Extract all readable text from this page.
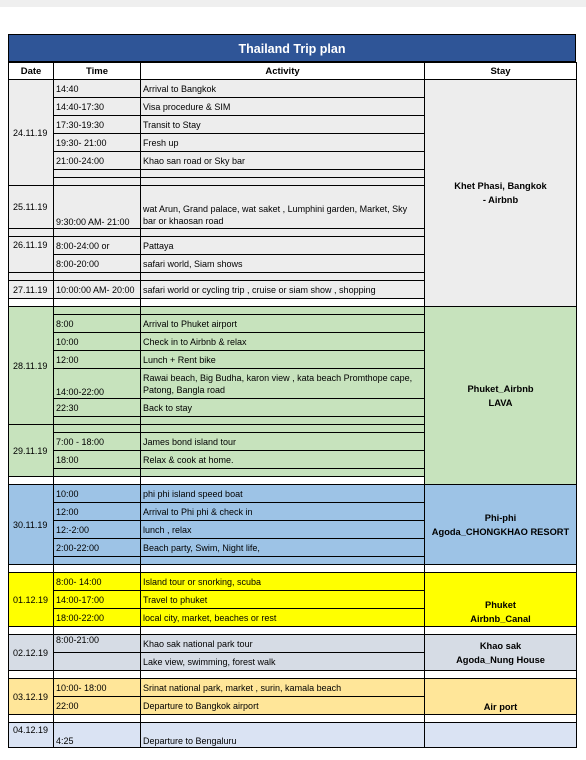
Thailand Trip plan
Date	Time	Activity	Stay
24.11.19	14:40	Arrival to Bangkok	Khet Phasi, Bangkok
- Airbnb
	14:40-17:30	Visa procedure & SIM	
	17:30-19:30	Transit to Stay	
	19:30- 21:00	Fresh up	
	21:00-24:00	Khao san road or Sky bar	

25.11.19	9:30:00 AM- 21:00	wat Arun, Grand palace, wat saket , Lumphini garden, Market, Sky bar or khaosan road	

26.11.19	8:00-24:00 or	Pattaya	
	8:00-20:00	safari world, Siam shows	

27.11.19	10:00:00 AM- 20:00	safari world or cycling trip , cruise or siam show , shopping	

28.11.19			Phuket_Airbnb
LAVA
	8:00	Arrival to Phuket airport	
	10:00	Check in to Airbnb & relax	
	12:00	Lunch + Rent bike	
	14:00-22:00	Rawai beach, Big Budha, karon view , kata beach Promthope cape, Patong, Bangla road	
	22:30	Back to stay	

29.11.19			
	7:00 - 18:00	James bond island tour	
	18:00	Relax & cook at home.	

30.11.19	10:00	phi phi island speed boat	Phi-phi
Agoda_CHONGKHAO RESORT
	12:00	Arrival to Phi phi & check in	
	12:-2:00	lunch , relax	
	2:00-22:00	Beach party, Swim, Night life,	

01.12.19	8:00- 14:00	Island tour or snorking, scuba	Phuket
Airbnb_Canal
	14:00-17:00	Travel to phuket	
	18:00-22:00	local city, market, beaches or rest	

02.12.19	8:00-21:00	Khao sak national park tour	Khao sak
Agoda_Nung House
		Lake view, swimming, forest walk	

03.12.19	10:00- 18:00	Srinat national park, market , surin, kamala beach	Air port
	22:00	Departure to Bangkok airport	

04.12.19	4:25	Departure to Bengaluru	
